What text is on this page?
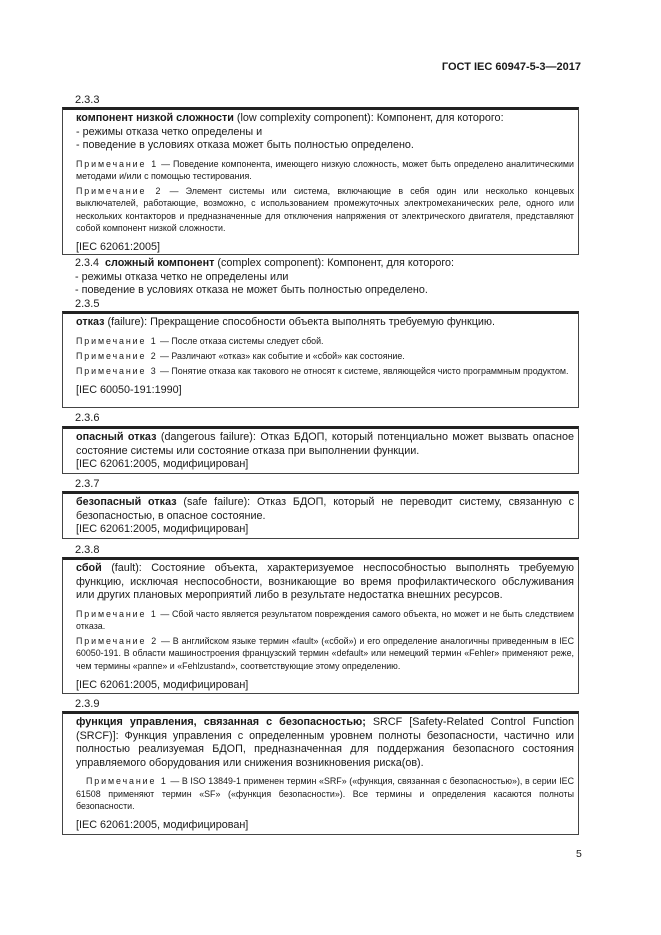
ГОСТ IEC 60947-5-3—2017
2.3.3

компонент низкой сложности (low complexity component): Компонент, для которого:

- режимы отказа четко определены и

- поведение в условиях отказа может быть полностью определено.

Примечание 1 — Поведение компонента, имеющего низкую сложность, может быть определено аналитическими методами и/или с помощью тестирования.

Примечание 2 — Элемент системы или система, включающие в себя один или несколько концевых выключателей, работающие, возможно, с использованием промежуточных электромеханических реле, одного или нескольких контакторов и предназначенные для отключения напряжения от электрического двигателя, представляют собой компонент низкой сложности.

[IEC 62061:2005]

2.3.4 сложный компонент (complex component): Компонент, для которого:

- режимы отказа четко не определены или

- поведение в условиях отказа не может быть полностью определено.

2.3.5

отказ (failure): Прекращение способности объекта выполнять требуемую функцию.

Примечание 1 — После отказа системы следует сбой.

Примечание 2 — Различают «отказ» как событие и «сбой» как состояние.

Примечание 3 — Понятие отказа как такового не относят к системе, являющейся чисто программным продуктом.

[IEC 60050-191:1990]

2.3.6

опасный отказ (dangerous failure): Отказ БДОП, который потенциально может вызвать опасное состояние системы или состояние отказа при выполнении функции.

[IEC 62061:2005, модифицирован]

2.3.7

безопасный отказ (safe failure): Отказ БДОП, который не переводит систему, связанную с безопасностью, в опасное состояние.

[IEC 62061:2005, модифицирован]

2.3.8

сбой (fault): Состояние объекта, характеризуемое неспособностью выполнять требуемую функцию, исключая неспособности, возникающие во время профилактического обслуживания или других плановых мероприятий либо в результате недостатка внешних ресурсов.

Примечание 1 — Сбой часто является результатом повреждения самого объекта, но может и не быть следствием отказа.

Примечание 2 — В английском языке термин «fault» («сбой») и его определение аналогичны приведенным в IEC 60050-191. В области машиностроения французский термин «default» или немецкий термин «Fehler» применяют реже, чем термины «panne» и «Fehlzustand», соответствующие этому определению.

[IEC 62061:2005, модифицирован]

2.3.9

функция управления, связанная с безопасностью; SRCF [Safety-Related Control Function (SRCF)]: Функция управления с определенным уровнем полноты безопасности, частично или полностью реализуемая БДОП, предназначенная для поддержания безопасного состояния управляемого оборудования или снижения возникновения риска(ов).

Примечание 1 — В ISO 13849-1 применен термин «SRF» («функция, связанная с безопасностью»), в серии IEC 61508 применяют термин «SF» («функция безопасности»). Все термины и определения касаются полноты безопасности.

[IEC 62061:2005, модифицирован]

5
